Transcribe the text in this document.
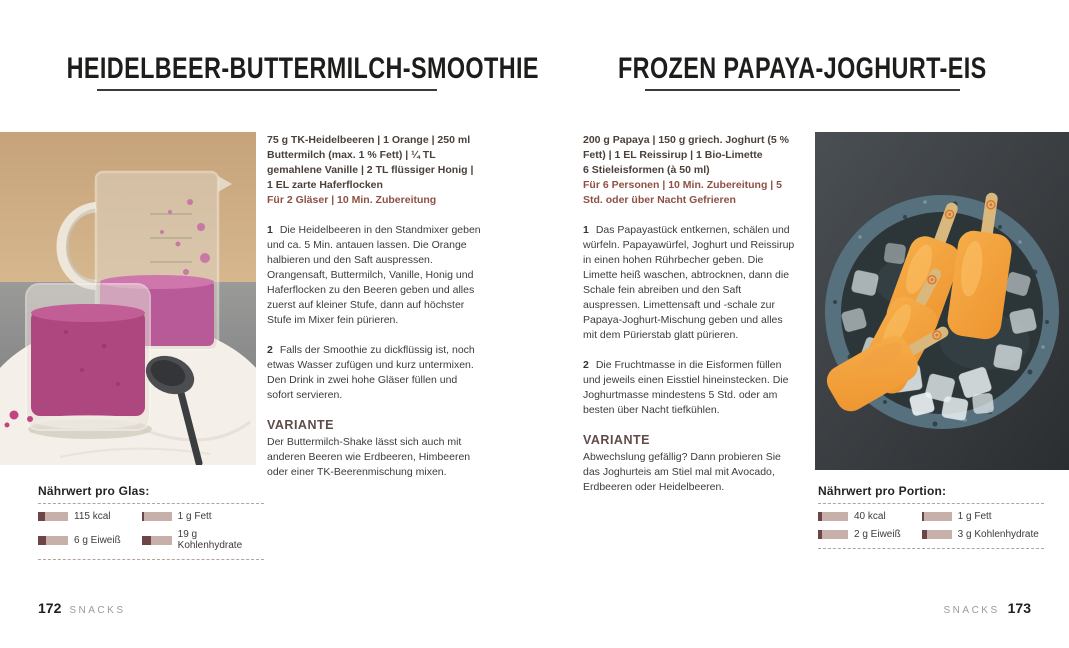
HEIDELBEER-BUTTERMILCH-SMOOTHIE
75 g TK-Heidelbeeren | 1 Orange | 250 ml Buttermilch (max. 1 % Fett) | ¼ TL gemahlene Vanille | 2 TL flüssiger Honig | 1 EL zarte Haferflocken
Für 2 Gläser | 10 Min. Zubereitung
1 Die Heidelbeeren in den Standmixer geben und ca. 5 Min. antauen lassen. Die Orange halbieren und den Saft auspressen. Orangensaft, Buttermilch, Vanille, Honig und Haferflocken zu den Beeren geben und alles zuerst auf kleiner Stufe, dann auf höchster Stufe im Mixer fein pürieren.
2 Falls der Smoothie zu dickflüssig ist, noch etwas Wasser zufügen und kurz untermixen. Den Drink in zwei hohe Gläser füllen und sofort servieren.
VARIANTE
Der Buttermilch-Shake lässt sich auch mit anderen Beeren wie Erdbeeren, Himbeeren oder einer TK-Beerenmischung mixen.
Nährwert pro Glas:
115 kcal	1 g Fett
6 g Eiweiß	19 g Kohlenhydrate
FROZEN PAPAYA-JOGHURT-EIS
200 g Papaya | 150 g griech. Joghurt (5 % Fett) | 1 EL Reissirup | 1 Bio-Limette
6 Stieleisformen (à 50 ml)
Für 6 Personen | 10 Min. Zubereitung | 5 Std. oder über Nacht Gefrieren
1 Das Papayastück entkernen, schälen und würfeln. Papayawürfel, Joghurt und Reissirup in einen hohen Rührbecher geben. Die Limette heiß waschen, abtrocknen, dann die Schale fein abreiben und den Saft auspressen. Limettensaft und -schale zur Papaya-Joghurt-Mischung geben und alles mit dem Pürierstab glatt pürieren.
2 Die Fruchtmasse in die Eisformen füllen und jeweils einen Eisstiel hineinstecken. Die Joghurtmasse mindestens 5 Std. oder am besten über Nacht tiefkühlen.
VARIANTE
Abwechslung gefällig? Dann probieren Sie das Joghurteis am Stiel mal mit Avocado, Erdbeeren oder Heidelbeeren.	Nährwert pro Portion:
40 kcal	1 g Fett
2 g Eiweiß	3 g Kohlenhydrate
172 SNACKS	SNACKS 173
